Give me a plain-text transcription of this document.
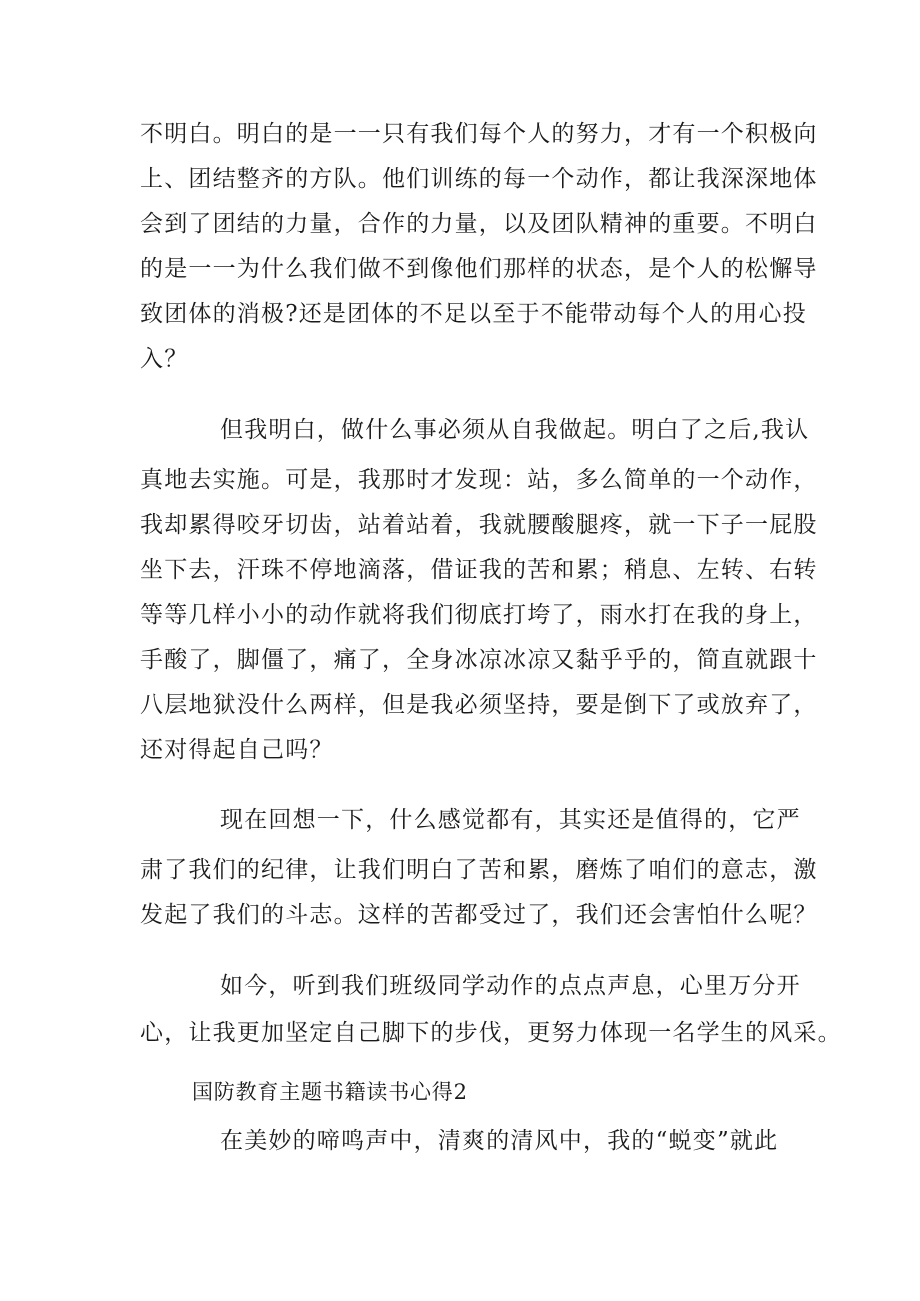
不明白。明白的是一一只有我们每个人的努力，才有一个积极向
上、团结整齐的方队。他们训练的每一个动作，都让我深深地体
会到了团结的力量，合作的力量，以及团队精神的重要。不明白
的是一一为什么我们做不到像他们那样的状态，是个人的松懈导
致团体的消极?还是团体的不足以至于不能带动每个人的用心投
入？
但我明白，做什么事必须从自我做起。明白了之后,我认
真地去实施。可是，我那时才发现：站，多么简单的一个动作，
我却累得咬牙切齿，站着站着，我就腰酸腿疼，就一下子一屁股
坐下去，汗珠不停地滴落，借证我的苦和累；稍息、左转、右转
等等几样小小的动作就将我们彻底打垮了，雨水打在我的身上，
手酸了，脚僵了，痛了，全身冰凉冰凉又黏乎乎的，简直就跟十
八层地狱没什么两样，但是我必须坚持，要是倒下了或放弃了，
还对得起自己吗？
现在回想一下，什么感觉都有，其实还是值得的，它严
肃了我们的纪律，让我们明白了苦和累，磨炼了咱们的意志，激
发起了我们的斗志。这样的苦都受过了，我们还会害怕什么呢？
如今，听到我们班级同学动作的点点声息，心里万分开
心，让我更加坚定自己脚下的步伐，更努力体现一名学生的风采。
在美妙的啼鸣声中，清爽的清风中，我的“蜕变”就此
国防教育主题书籍读书心得2
